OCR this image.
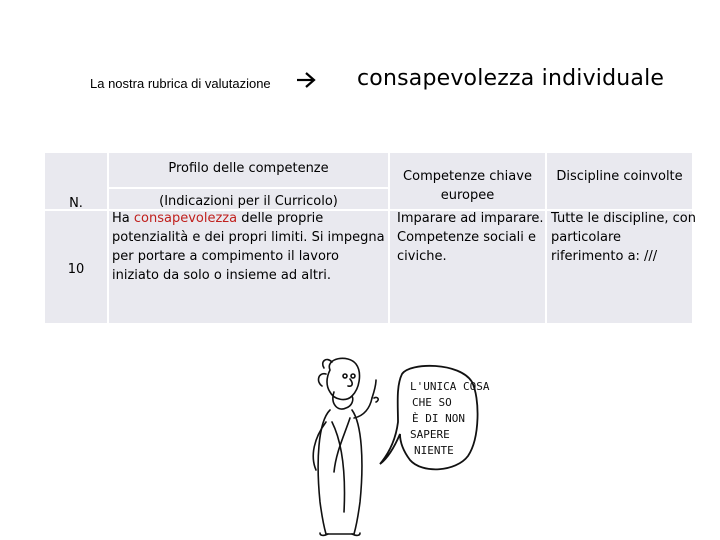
La nostra rubrica di valutazione	consapevolezza individuale
N.
10
Profilo delle competenze
(Indicazioni per il Curricolo)
Ha consapevolezza delle proprie potenzialità e dei propri limiti. Si impegna per portare a compimento il lavoro iniziato da solo o insieme ad altri.
Competenze chiave europee
Imparare ad imparare. Competenze sociali e civiche.
Discipline coinvolte
Tutte le discipline, con particolare riferimento a: ///
L'UNICA COSA
CHE SO
È DI NON
SAPERE
NIENTE
